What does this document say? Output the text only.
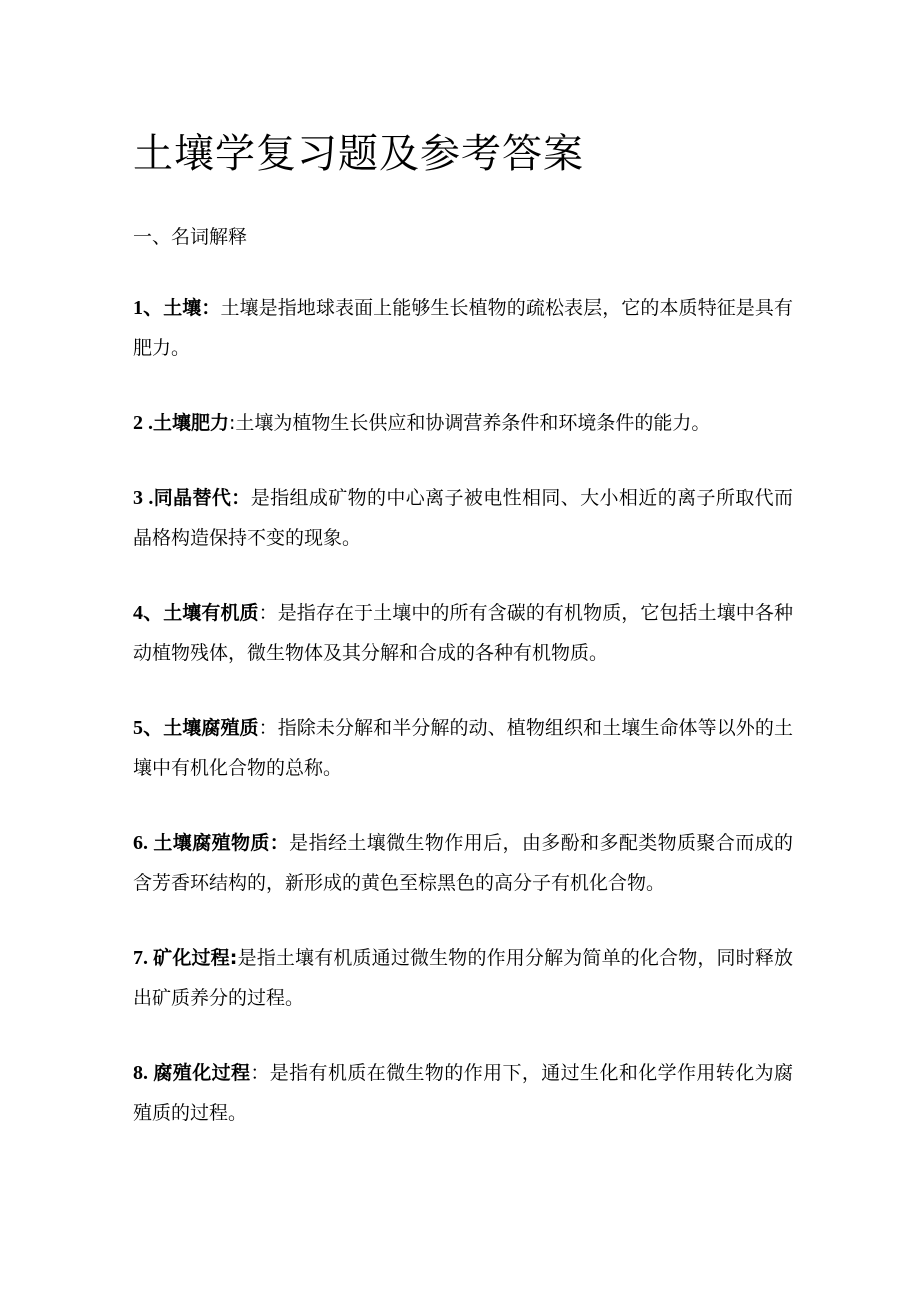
土壤学复习题及参考答案
一、名词解释

1、土壤：土壤是指地球表面上能够生长植物的疏松表层，它的本质特征是具有肥力。

2 .土壤肥力:土壤为植物生长供应和协调营养条件和环境条件的能力。

3 .同晶替代：是指组成矿物的中心离子被电性相同、大小相近的离子所取代而晶格构造保持不变的现象。

4、土壤有机质：是指存在于土壤中的所有含碳的有机物质，它包括土壤中各种动植物残体，微生物体及其分解和合成的各种有机物质。

5、土壤腐殖质：指除未分解和半分解的动、植物组织和土壤生命体等以外的土壤中有机化合物的总称。

6. 土壤腐殖物质：是指经土壤微生物作用后，由多酚和多配类物质聚合而成的含芳香环结构的，新形成的黄色至棕黑色的高分子有机化合物。

7. 矿化过程:是指土壤有机质通过微生物的作用分解为简单的化合物，同时释放出矿质养分的过程。

8. 腐殖化过程：是指有机质在微生物的作用下，通过生化和化学作用转化为腐殖质的过程。
